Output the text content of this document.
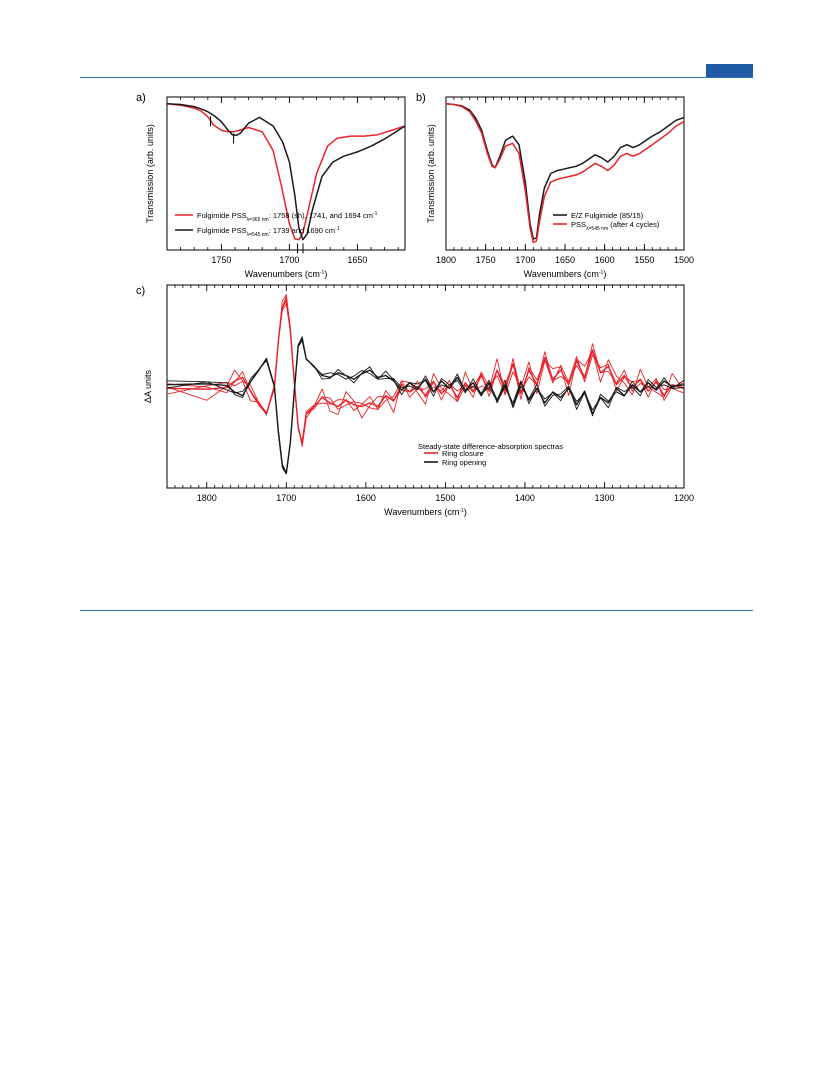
a)
1750	1700	1650
Wavenumbers $(cm^{-1})$
Transmission (arb. units)	Fulgimide $PSS_{\lambda=365 nm}$: 1758 (sh), 1741, and 1694 $cm^{-1}$
Fulgimide $PSS_{\lambda=545 nm}$: 1739 and 1690 $cm^{-1}$
b)
1800 1750 1700 1650 1600 1550 1500
Wavenumbers $(cm^{-1})$
Transmission (arb. units)	E/Z Fulgimide (85/15)
$PSS_{\lambda=545 nm}$ (after 4 cycles)
c)
1800	1700	1600	1500	1400	1300	1200
Wavenumbers $(cm^{-1})$
ΔA units
Steady-state difference-absorption spectras
Ring closure
Ring opening
